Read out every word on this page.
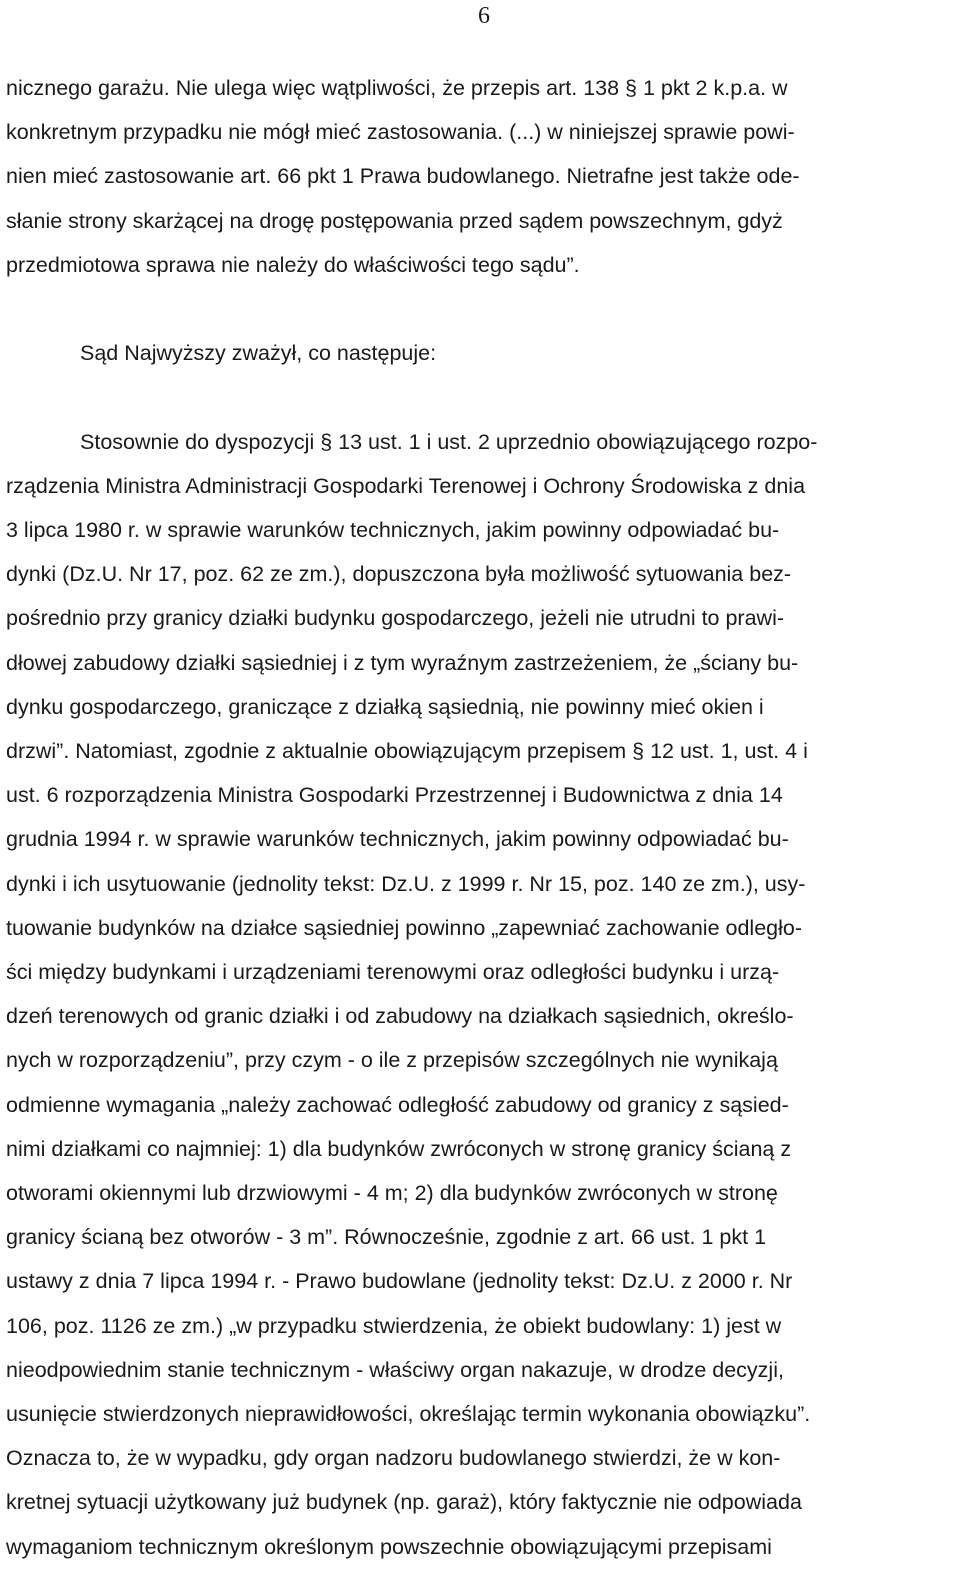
6
nicznego garażu. Nie ulega więc wątpliwości, że przepis art. 138 § 1 pkt 2 k.p.a. w
konkretnym przypadku nie mógł mieć zastosowania. (...) w niniejszej sprawie powi-
nien mieć zastosowanie art. 66 pkt 1 Prawa budowlanego. Nietrafne jest także ode-
słanie strony skarżącej na drogę postępowania przed sądem powszechnym, gdyż
przedmiotowa sprawa nie należy do właściwości tego sądu”.
Sąd Najwyższy zważył, co następuje:
Stosownie do dyspozycji § 13 ust. 1 i ust. 2 uprzednio obowiązującego rozpo-
rządzenia Ministra Administracji Gospodarki Terenowej i Ochrony Środowiska z dnia
3 lipca 1980 r. w sprawie warunków technicznych, jakim powinny odpowiadać bu-
dynki (Dz.U. Nr 17, poz. 62 ze zm.), dopuszczona była możliwość sytuowania bez-
pośrednio przy granicy działki budynku gospodarczego, jeżeli nie utrudni to prawi-
dłowej zabudowy działki sąsiedniej i z tym wyraźnym zastrzeżeniem, że „ściany bu-
dynku gospodarczego, graniczące z działką sąsiednią, nie powinny mieć okien i
drzwi”. Natomiast, zgodnie z aktualnie obowiązującym przepisem § 12 ust. 1, ust. 4 i
ust. 6 rozporządzenia Ministra Gospodarki Przestrzennej i Budownictwa z dnia 14
grudnia 1994 r. w sprawie warunków technicznych, jakim powinny odpowiadać bu-
dynki i ich usytuowanie (jednolity tekst: Dz.U. z 1999 r. Nr 15, poz. 140 ze zm.), usy-
tuowanie budynków na działce sąsiedniej powinno „zapewniać zachowanie odległo-
ści między budynkami i urządzeniami terenowymi oraz odległości budynku i urzą-
dzeń terenowych od granic działki i od zabudowy na działkach sąsiednich, określo-
nych w rozporządzeniu”, przy czym - o ile z przepisów szczególnych nie wynikają
odmienne wymagania „należy zachować odległość zabudowy od granicy z sąsied-
nimi działkami co najmniej: 1) dla budynków zwróconych w stronę granicy ścianą z
otworami okiennymi lub drzwiowymi - 4 m; 2) dla budynków zwróconych w stronę
granicy ścianą bez otworów - 3 m”. Równocześnie, zgodnie z art. 66 ust. 1 pkt 1
ustawy z dnia 7 lipca 1994 r. - Prawo budowlane (jednolity tekst: Dz.U. z 2000 r. Nr
106, poz. 1126 ze zm.) „w przypadku stwierdzenia, że obiekt budowlany: 1) jest w
nieodpowiednim stanie technicznym - właściwy organ nakazuje, w drodze decyzji,
usunięcie stwierdzonych nieprawidłowości, określając termin wykonania obowiązku”.
Oznacza to, że w wypadku, gdy organ nadzoru budowlanego stwierdzi, że w kon-
kretnej sytuacji użytkowany już budynek (np. garaż), który faktycznie nie odpowiada
wymaganiom technicznym określonym powszechnie obowiązującymi przepisami
